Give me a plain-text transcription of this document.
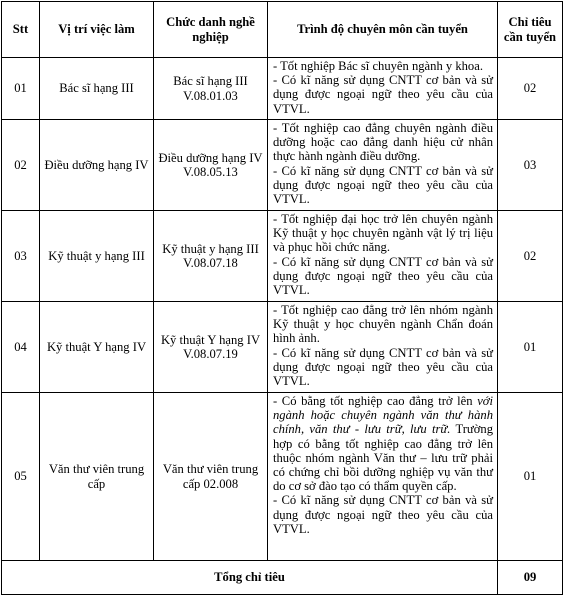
Stt	Vị trí việc làm	Chức danh nghề nghiệp	Trình độ chuyên môn cần tuyển	Chỉ tiêu cần tuyển
01	Bác sĩ hạng III	Bác sĩ hạng III V.08.01.03	- Tốt nghiệp Bác sĩ chuyên ngành y khoa.
- Có kĩ năng sử dụng CNTT cơ bản và sử dụng được ngoại ngữ theo yêu cầu của VTVL.	02
02	Điều dưỡng hạng IV	Điều dưỡng hạng IV V.08.05.13	- Tốt nghiệp cao đẳng chuyên ngành điều dưỡng hoặc cao đẳng danh hiệu cử nhân thực hành ngành điều dưỡng.
- Có kĩ năng sử dụng CNTT cơ bản và sử dụng được ngoại ngữ theo yêu cầu của VTVL.	03
03	Kỹ thuật y hạng III	Kỹ thuật y hạng III V.08.07.18	- Tốt nghiệp đại học trở lên chuyên ngành Kỹ thuật y học chuyên ngành vật lý trị liệu và phục hồi chức năng.
- Có kĩ năng sử dụng CNTT cơ bản và sử dụng được ngoại ngữ theo yêu cầu của VTVL.	02
04	Kỹ thuật Y hạng IV	Kỹ thuật Y hạng IV V.08.07.19	- Tốt nghiệp cao đẳng trở lên nhóm ngành Kỹ thuật y học chuyên ngành Chẩn đoán hình ảnh.
- Có kĩ năng sử dụng CNTT cơ bản và sử dụng được ngoại ngữ theo yêu cầu của VTVL.	01
05	Văn thư viên trung cấp	Văn thư viên trung cấp 02.008	- Có bằng tốt nghiệp cao đẳng trở lên với ngành hoặc chuyên ngành văn thư hành chính, văn thư - lưu trữ, lưu trữ. Trường hợp có bằng tốt nghiệp cao đẳng trở lên thuộc nhóm ngành Văn thư – lưu trữ phải có chứng chỉ bồi dưỡng nghiệp vụ văn thư do cơ sở đào tạo có thẩm quyền cấp.
- Có kĩ năng sử dụng CNTT cơ bản và sử dụng được ngoại ngữ theo yêu cầu của VTVL.	01
Tổng chỉ tiêu				09
